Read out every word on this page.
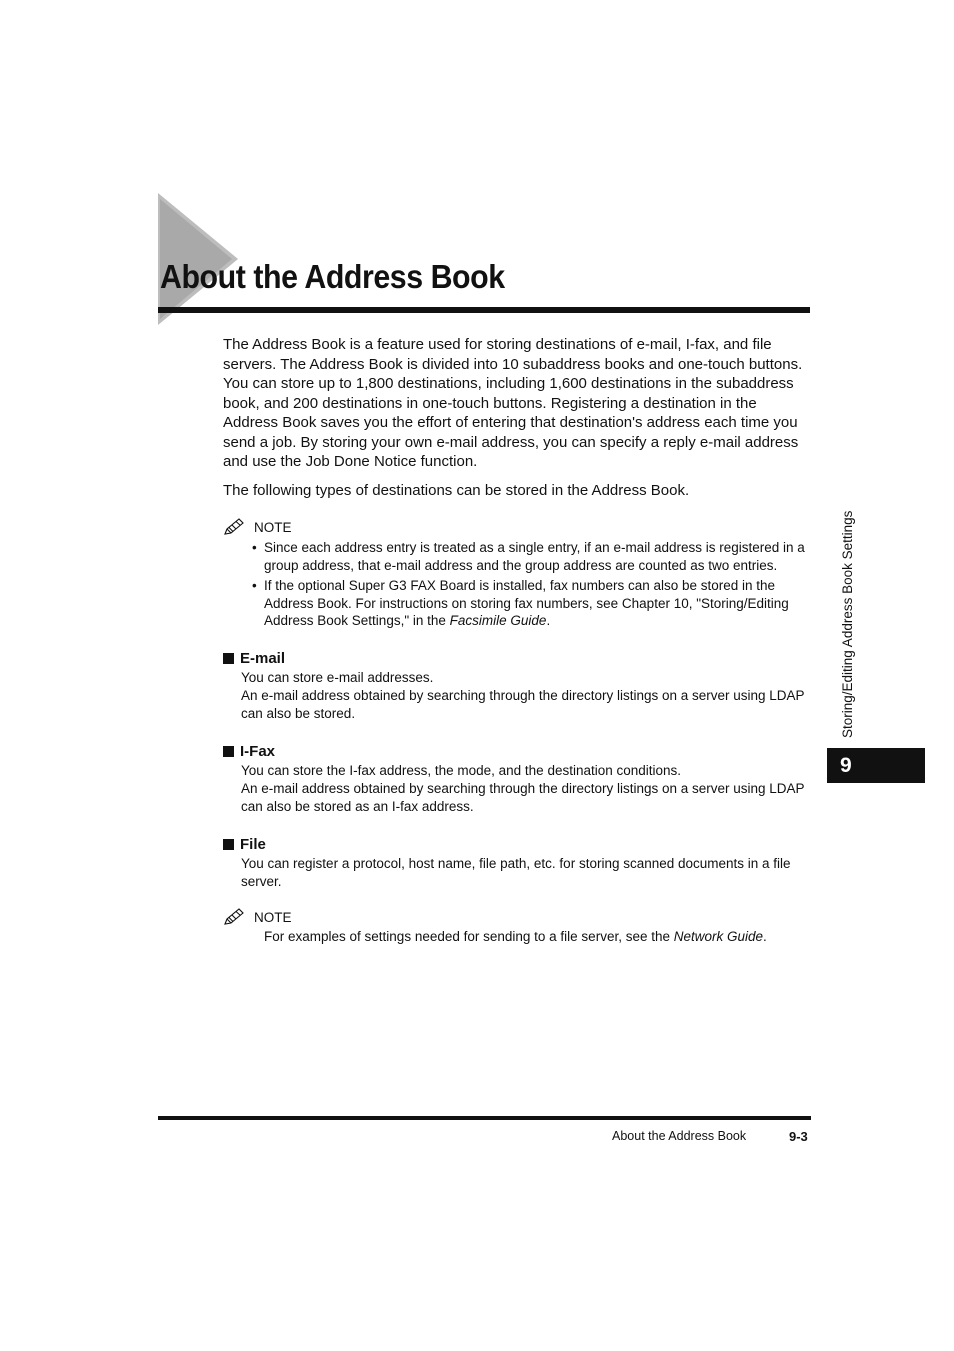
About the Address Book

The Address Book is a feature used for storing destinations of e-mail, I-fax, and file servers. The Address Book is divided into 10 subaddress books and one-touch buttons. You can store up to 1,800 destinations, including 1,600 destinations in the subaddress book, and 200 destinations in one-touch buttons. Registering a destination in the Address Book saves you the effort of entering that destination's address each time you send a job. By storing your own e-mail address, you can specify a reply e-mail address and use the Job Done Notice function.

The following types of destinations can be stored in the Address Book.

NOTE
• Since each address entry is treated as a single entry, if an e-mail address is registered in a group address, that e-mail address and the group address are counted as two entries.
• If the optional Super G3 FAX Board is installed, fax numbers can also be stored in the Address Book. For instructions on storing fax numbers, see Chapter 10, "Storing/Editing Address Book Settings," in the Facsimile Guide.
E-mail

You can store e-mail addresses.

An e-mail address obtained by searching through the directory listings on a server using LDAP can also be stored.

I-Fax

You can store the I-fax address, the mode, and the destination conditions.

An e-mail address obtained by searching through the directory listings on a server using LDAP can also be stored as an I-fax address.

File

You can register a protocol, host name, file path, etc. for storing scanned documents in a file server.

NOTE

For examples of settings needed for sending to a file server, see the Network Guide.

Storing/Editing Address Book Settings
9
About the Address Book	9-3
